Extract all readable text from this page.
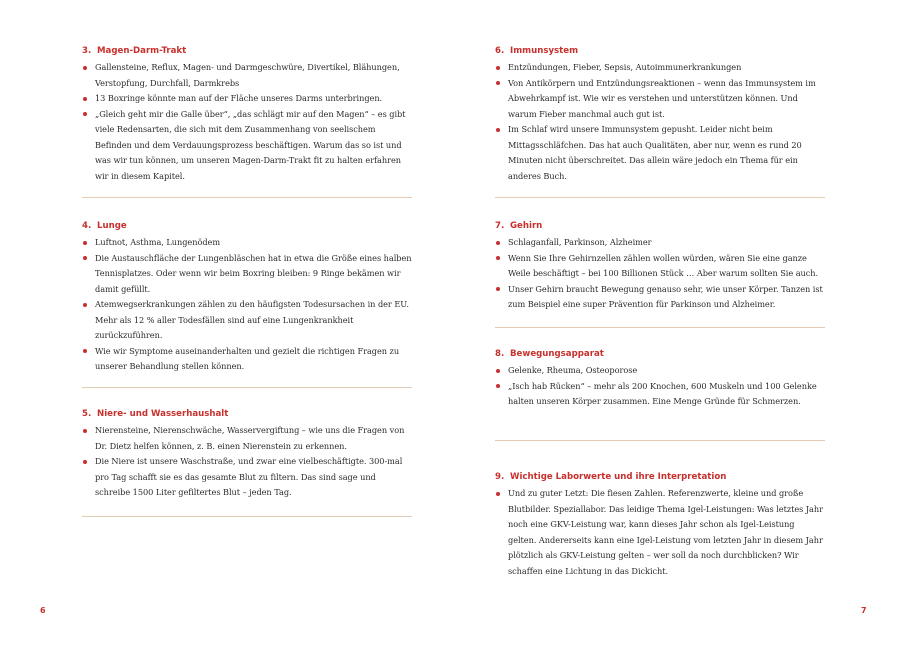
3. Magen-Darm-Trakt
Gallensteine, Reflux, Magen- und Darmgeschwüre, Divertikel, Blähungen, Verstopfung, Durchfall, Darmkrebs
13 Boxringe könnte man auf der Fläche unseres Darms unterbringen.
„Gleich geht mir die Galle über“, „das schlägt mir auf den Magen“ – es gibt viele Redensarten, die sich mit dem Zusammenhang von seelischem Befinden und dem Verdauungsprozess beschäftigen. Warum das so ist und was wir tun können, um unseren Magen-Darm-Trakt fit zu halten erfahren wir in diesem Kapitel.
4. Lunge
Luftnot, Asthma, Lungenödem
Die Austauschfläche der Lungenbläschen hat in etwa die Größe eines halben Tennisplatzes. Oder wenn wir beim Boxring bleiben: 9 Ringe bekämen wir damit gefüllt.
Atemwegserkrankungen zählen zu den häufigsten Todesursachen in der EU. Mehr als 12 % aller Todesfällen sind auf eine Lungenkrankheit zurückzuführen.
Wie wir Symptome auseinanderhalten und gezielt die richtigen Fragen zu unserer Behandlung stellen können.
5. Niere- und Wasserhaushalt
Nierensteine, Nierenschwäche, Wasservergiftung – wie uns die Fragen von Dr. Dietz helfen können, z. B. einen Nierenstein zu erkennen.
Die Niere ist unsere Waschstraße, und zwar eine vielbeschäftigte. 300-mal pro Tag schafft sie es das gesamte Blut zu filtern. Das sind sage und schreibe 1500 Liter gefiltertes Blut – jeden Tag.
6
6. Immunsystem
Entzündungen, Fieber, Sepsis, Autoimmunerkrankungen
Von Antikörpern und Entzündungsreaktionen – wenn das Immunsystem im Abwehrkampf ist. Wie wir es verstehen und unterstützen können. Und warum Fieber manchmal auch gut ist.
Im Schlaf wird unsere Immunsystem gepusht. Leider nicht beim Mittagsschläfchen. Das hat auch Qualitäten, aber nur, wenn es rund 20 Minuten nicht überschreitet. Das allein wäre jedoch ein Thema für ein anderes Buch.
7. Gehirn
Schlaganfall, Parkinson, Alzheimer
Wenn Sie Ihre Gehirnzellen zählen wollen würden, wären Sie eine ganze Weile beschäftigt – bei 100 Billionen Stück … Aber warum sollten Sie auch.
Unser Gehirn braucht Bewegung genauso sehr, wie unser Körper. Tanzen ist zum Beispiel eine super Prävention für Parkinson und Alzheimer.
8. Bewegungsapparat
Gelenke, Rheuma, Osteoporose
„Isch hab Rücken“ – mehr als 200 Knochen, 600 Muskeln und 100 Gelenke halten unseren Körper zusammen. Eine Menge Gründe für Schmerzen.
9. Wichtige Laborwerte und ihre Interpretation
Und zu guter Letzt: Die fiesen Zahlen. Referenzwerte, kleine und große Blutbilder. Speziallabor. Das leidige Thema Igel-Leistungen: Was letztes Jahr noch eine GKV-Leistung war, kann dieses Jahr schon als Igel-Leistung gelten. Andererseits kann eine Igel-Leistung vom letzten Jahr in diesem Jahr plötzlich als GKV-Leistung gelten – wer soll da noch durchblicken? Wir schaffen eine Lichtung in das Dickicht.
7
